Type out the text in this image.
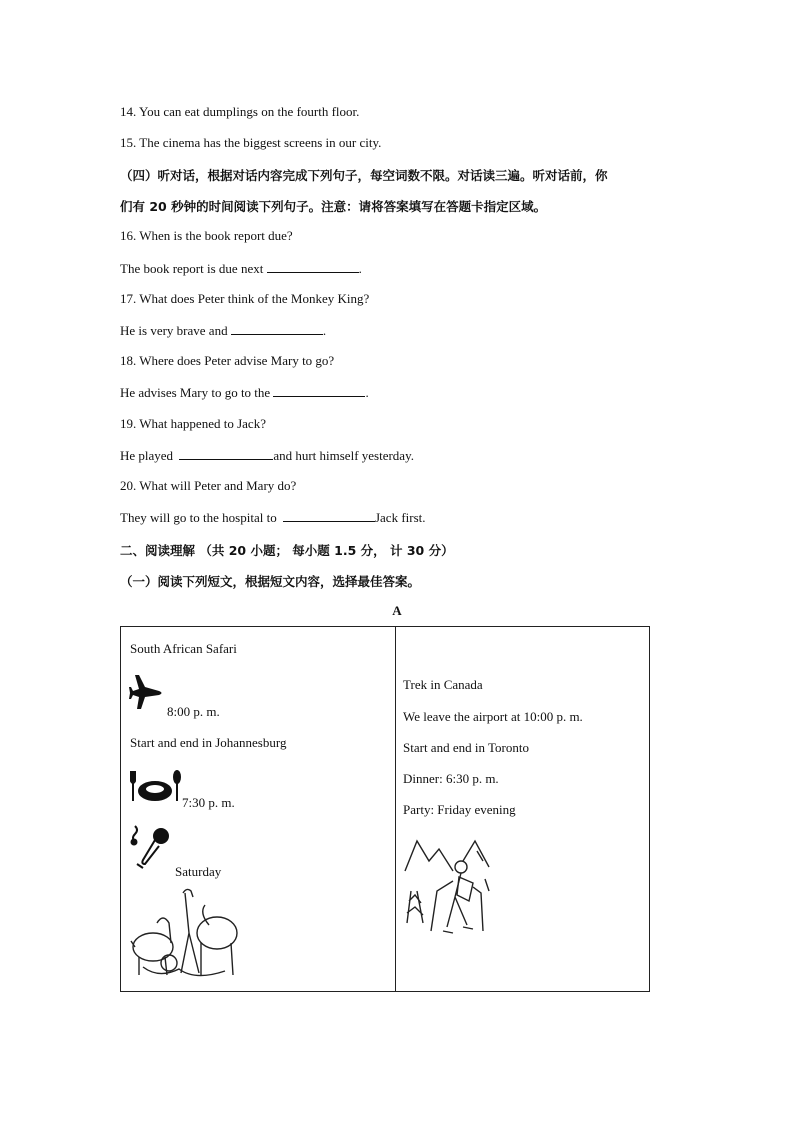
14. You can eat dumplings on the fourth floor.
15. The cinema has the biggest screens in our city.
（四）听对话，根据对话内容完成下列句子，每空词数不限。对话读三遍。听对话前，你
们有 20 秒钟的时间阅读下列句子。注意：请将答案填写在答题卡指定区域。
16. When is the book report due?
The book report is due next	.
17. What does Peter think of the Monkey King?
He is very brave and	.
18. Where does Peter advise Mary to go?
He advises Mary to go to the	.
19. What happened to Jack?
He played	and hurt himself yesterday.
20. What will Peter and Mary do?
They will go to the hospital to	Jack first.
二、阅读理解 （共 20 小题； 每小题 1.5 分， 计 30 分）
（一）阅读下列短文，根据短文内容，选择最佳答案。
A
South African Safari
8:00 p. m.
Start and end in Johannesburg
7:30 p. m.
Saturday
Trek in Canada
We leave the airport at 10:00 p. m.
Start and end in Toronto
Dinner: 6:30 p. m.
Party: Friday evening
